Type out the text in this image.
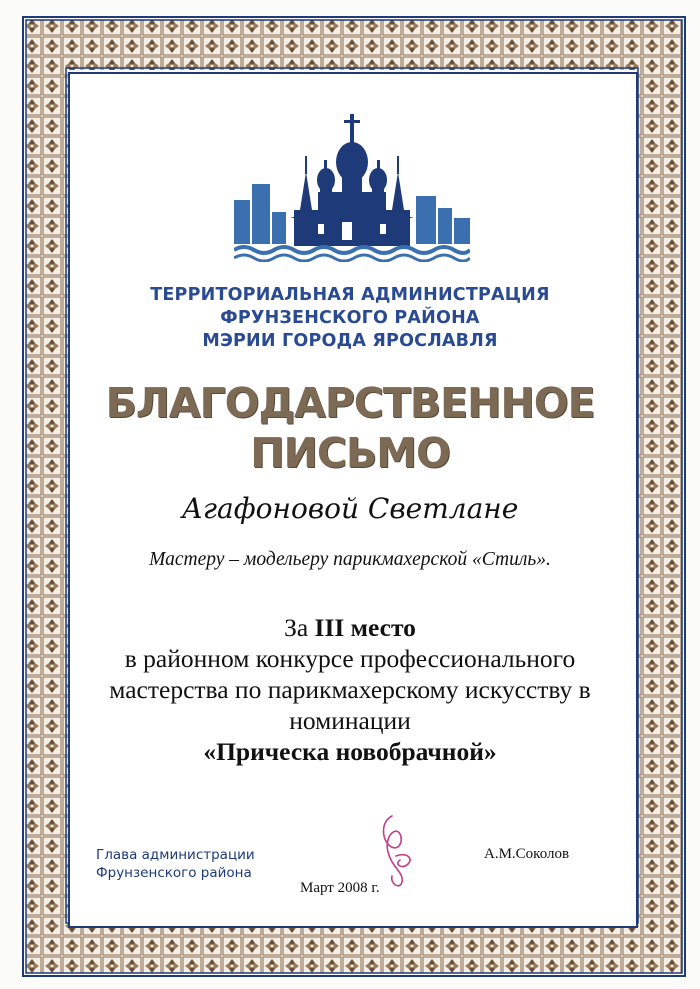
ТЕРРИТОРИАЛЬНАЯ АДМИНИСТРАЦИЯ
ФРУНЗЕНСКОГО РАЙОНА
МЭРИИ ГОРОДА ЯРОСЛАВЛЯ
БЛАГОДАРСТВЕННОЕ
ПИСЬМО
Агафоновой Светлане
Мастеру – модельеру парикмахерской «Стиль».
За III место
в районном конкурсе профессионального
мастерства по парикмахерскому искусству в
номинации
«Прическа новобрачной»
Глава администрации
Фрунзенского района
А.М.Соколов
Март 2008 г.
